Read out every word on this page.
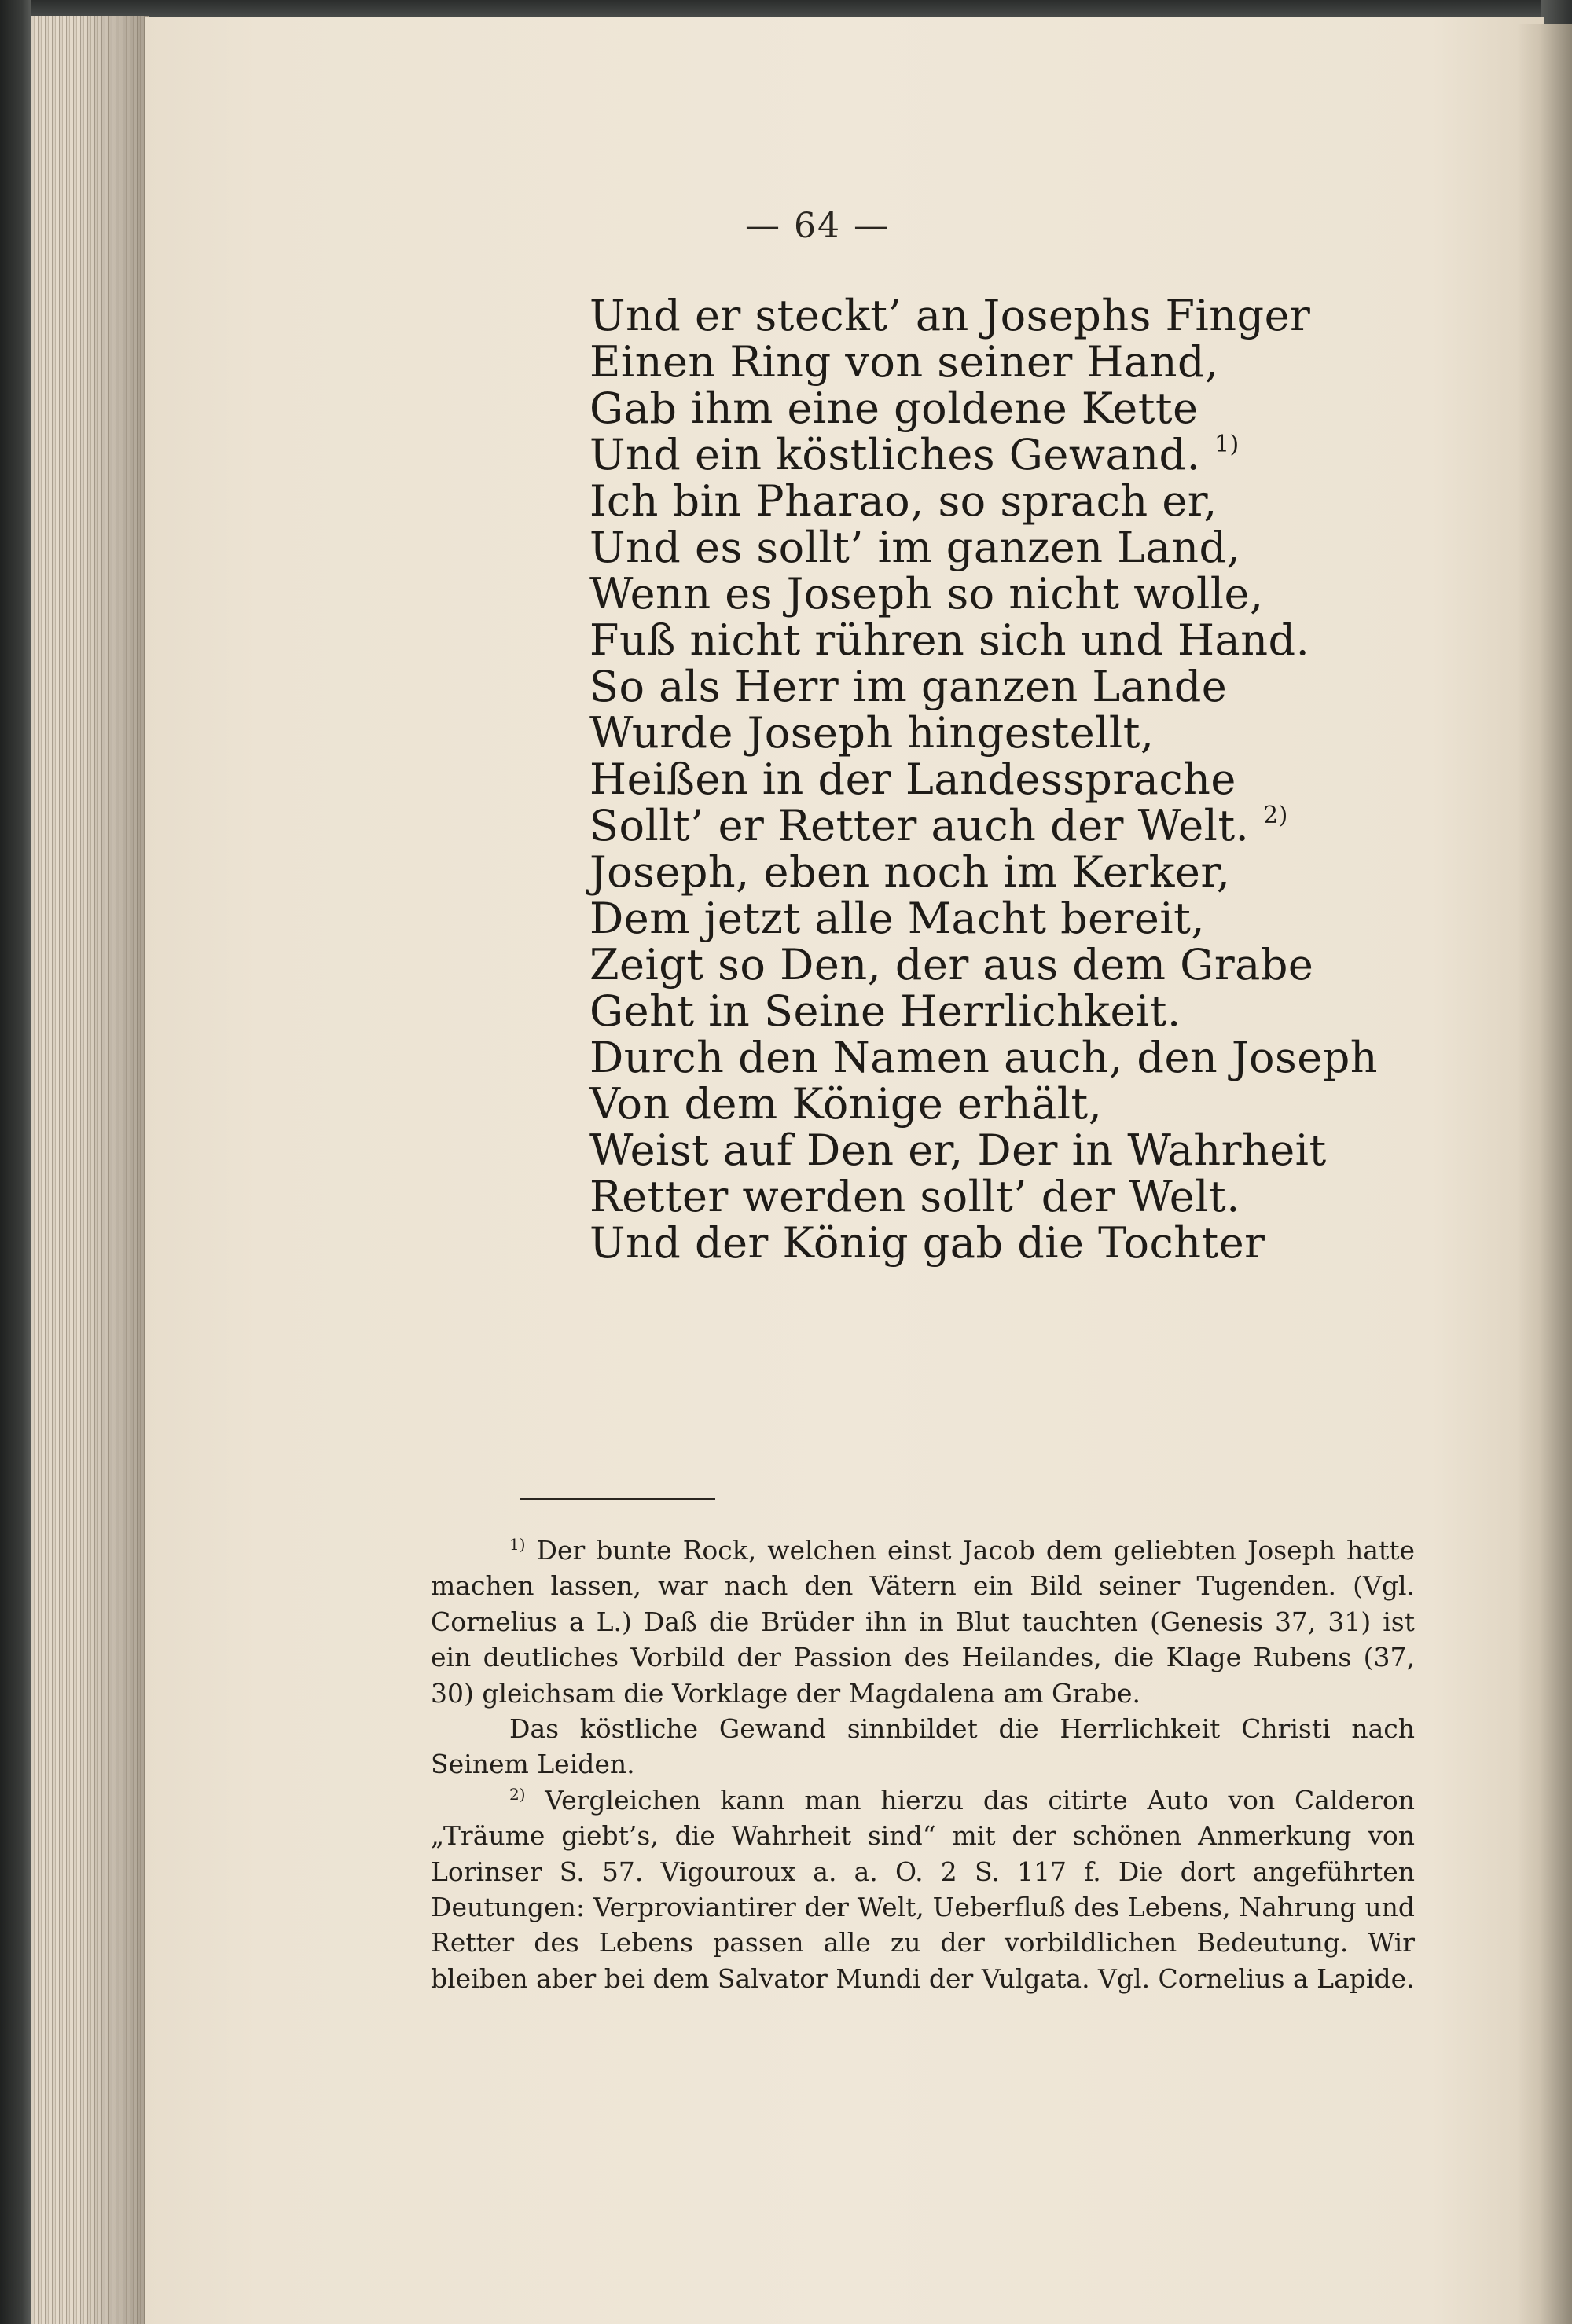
— 64 —
Und er steckt’ an Josephs Finger
Einen Ring von seiner Hand,
Gab ihm eine goldene Kette
Und ein köstliches Gewand. $^{1)}$
Ich bin Pharao, so sprach er,
Und es sollt’ im ganzen Land,
Wenn es Joseph so nicht wolle,
Fuß nicht rühren sich und Hand.
So als Herr im ganzen Lande
Wurde Joseph hingestellt,
Heißen in der Landessprache
Sollt’ er Retter auch der Welt. $^{2)}$
Joseph, eben noch im Kerker,
Dem jetzt alle Macht bereit,
Zeigt so Den, der aus dem Grabe
Geht in Seine Herrlichkeit.
Durch den Namen auch, den Joseph
Von dem Könige erhält,
Weist auf Den er, Der in Wahrheit
Retter werden sollt’ der Welt.
Und der König gab die Tochter

$^{1)}$ Der bunte Rock, welchen einst Jacob dem geliebten Joseph hatte machen lassen, war nach den Vätern ein Bild seiner Tugenden. (Vgl. Cornelius a L.) Daß die Brüder ihn in Blut tauchten (Genesis 37, 31) ist ein deutliches Vorbild der Passion des Heilandes, die Klage Rubens (37, 30) gleichsam die Vorklage der Magdalena am Grabe.

Das köstliche Gewand sinnbildet die Herrlichkeit Christi nach Seinem Leiden.

$^{2)}$ Vergleichen kann man hierzu das citirte Auto von Calderon „Träume giebt’s, die Wahrheit sind“ mit der schönen Anmerkung von Lorinser S. 57. Vigouroux a. a. O. 2 S. 117 f. Die dort angeführten Deutungen: Verproviantirer der Welt, Ueberfluß des Lebens, Nahrung und Retter des Lebens passen alle zu der vorbildlichen Bedeutung. Wir bleiben aber bei dem Salvator Mundi der Vulgata. Vgl. Cornelius a Lapide.
